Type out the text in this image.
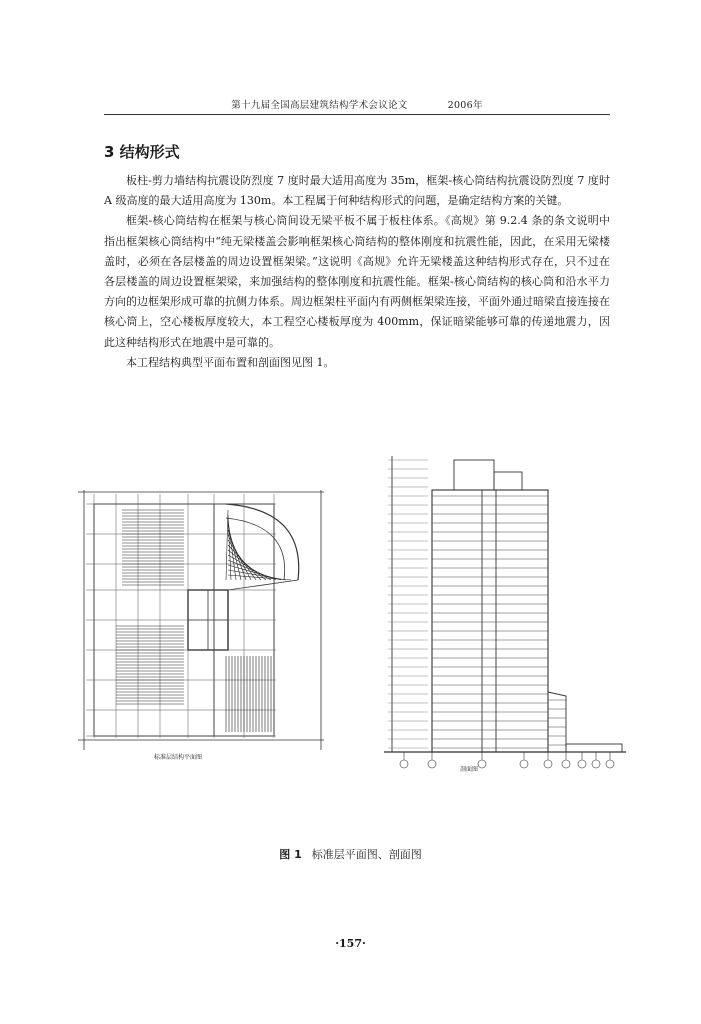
第十九届全国高层建筑结构学术会议论文	2006年
3 结构形式

板柱-剪力墙结构抗震设防烈度 7 度时最大适用高度为 35m，框架-核心筒结构抗震设防烈度 7 度时 A 级高度的最大适用高度为 130m。本工程属于何种结构形式的问题，是确定结构方案的关键。

框架-核心筒结构在框架与核心筒间设无梁平板不属于板柱体系。《高规》第 9.2.4 条的条文说明中指出框架核心筒结构中“纯无梁楼盖会影响框架核心筒结构的整体刚度和抗震性能，因此，在采用无梁楼盖时，必须在各层楼盖的周边设置框架梁。”这说明《高规》允许无梁楼盖这种结构形式存在，只不过在各层楼盖的周边设置框架梁，来加强结构的整体刚度和抗震性能。框架-核心筒结构的核心筒和沿水平力方向的边框架形成可靠的抗侧力体系。周边框架柱平面内有两侧框架梁连接，平面外通过暗梁直接连接在核心筒上，空心楼板厚度较大，本工程空心楼板厚度为 400mm，保证暗梁能够可靠的传递地震力，因此这种结构形式在地震中是可靠的。

本工程结构典型平面布置和剖面图见图 1。

标准层结构平面图
剖面图
图 1 标准层平面图、剖面图
·157·
